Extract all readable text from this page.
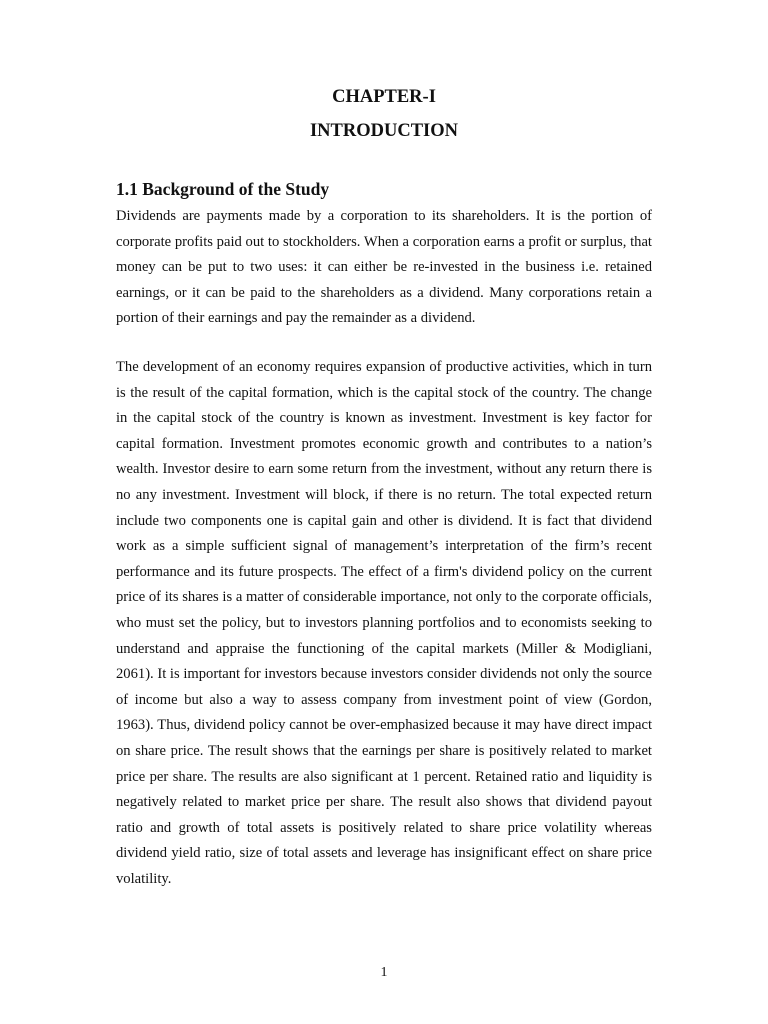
CHAPTER-I
INTRODUCTION
1.1 Background of the Study

Dividends are payments made by a corporation to its shareholders. It is the portion of corporate profits paid out to stockholders. When a corporation earns a profit or surplus, that money can be put to two uses: it can either be re-invested in the business i.e. retained earnings, or it can be paid to the shareholders as a dividend. Many corporations retain a portion of their earnings and pay the remainder as a dividend.

The development of an economy requires expansion of productive activities, which in turn is the result of the capital formation, which is the capital stock of the country. The change in the capital stock of the country is known as investment. Investment is key factor for capital formation. Investment promotes economic growth and contributes to a nation’s wealth. Investor desire to earn some return from the investment, without any return there is no any investment. Investment will block, if there is no return. The total expected return include two components one is capital gain and other is dividend. It is fact that dividend work as a simple sufficient signal of management’s interpretation of the firm’s recent performance and its future prospects. The effect of a firm's dividend policy on the current price of its shares is a matter of considerable importance, not only to the corporate officials, who must set the policy, but to investors planning portfolios and to economists seeking to understand and appraise the functioning of the capital markets (Miller & Modigliani, 2061). It is important for investors because investors consider dividends not only the source of income but also a way to assess company from investment point of view (Gordon, 1963). Thus, dividend policy cannot be over-emphasized because it may have direct impact on share price. The result shows that the earnings per share is positively related to market price per share. The results are also significant at 1 percent. Retained ratio and liquidity is negatively related to market price per share. The result also shows that dividend payout ratio and growth of total assets is positively related to share price volatility whereas dividend yield ratio, size of total assets and leverage has insignificant effect on share price volatility.

1
